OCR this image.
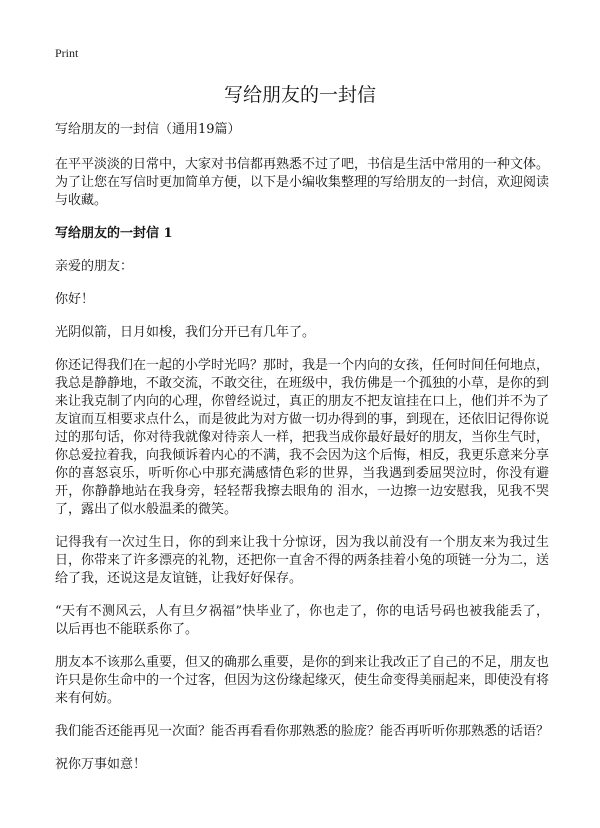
Print
写给朋友的一封信

写给朋友的一封信（通用19篇）

在平平淡淡的日常中，大家对书信都再熟悉不过了吧，书信是生活中常用的一种文体。为了让您在写信时更加简单方便，以下是小编收集整理的写给朋友的一封信，欢迎阅读与收藏。

写给朋友的一封信 1

亲爱的朋友：

你好！

光阴似箭，日月如梭，我们分开已有几年了。

你还记得我们在一起的小学时光吗？那时，我是一个内向的女孩，任何时间任何地点，我总是静静地，不敢交流，不敢交往，在班级中，我仿佛是一个孤独的小草，是你的到来让我克制了内向的心理，你曾经说过，真正的朋友不把友谊挂在口上，他们并不为了友谊而互相要求点什么，而是彼此为对方做一切办得到的事，到现在，还依旧记得你说过的那句话，你对待我就像对待亲人一样，把我当成你最好最好的朋友，当你生气时，你总爱拉着我，向我倾诉着内心的不满，我不会因为这个后悔，相反，我更乐意来分享你的喜怒哀乐，听听你心中那充满感情色彩的世界，当我遇到委屈哭泣时，你没有避开，你静静地站在我身旁，轻轻帮我擦去眼角的 泪水，一边擦一边安慰我，见我不哭了，露出了似水般温柔的微笑。

记得我有一次过生日，你的到来让我十分惊讶，因为我以前没有一个朋友来为我过生日，你带来了许多漂亮的礼物，还把你一直舍不得的两条挂着小兔的项链一分为二，送给了我，还说这是友谊链，让我好好保存。

“天有不测风云，人有旦夕祸福”快毕业了，你也走了，你的电话号码也被我能丢了，以后再也不能联系你了。

朋友本不该那么重要，但又的确那么重要，是你的到来让我改正了自己的不足，朋友也许只是你生命中的一个过客，但因为这份缘起缘灭，使生命变得美丽起来，即使没有将来有何妨。

我们能否还能再见一次面？能否再看看你那熟悉的脸庞？能否再听听你那熟悉的话语？

祝你万事如意！
